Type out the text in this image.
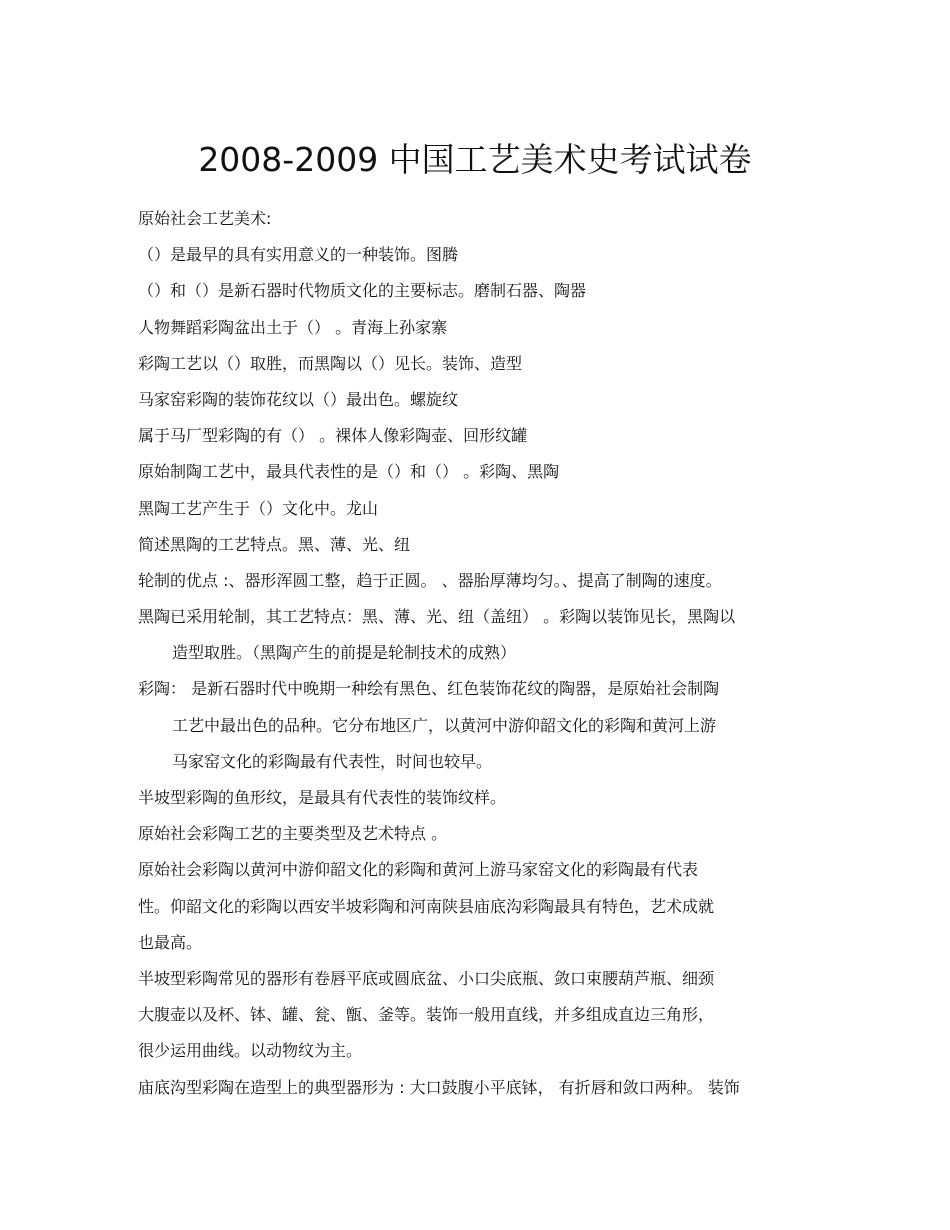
2008-2009 中国工艺美术史考试试卷
原始社会工艺美术:
（）是最早的具有实用意义的一种装饰。图腾
（）和（）是新石器时代物质文化的主要标志。磨制石器、陶器
人物舞蹈彩陶盆出土于（） 。青海上孙家寨
彩陶工艺以（）取胜，而黑陶以（）见长。装饰、造型
马家窑彩陶的装饰花纹以（）最出色。螺旋纹
属于马厂型彩陶的有（） 。裸体人像彩陶壶、回形纹罐
原始制陶工艺中，最具代表性的是（）和（） 。彩陶、黑陶
黑陶工艺产生于（）文化中。龙山
简述黑陶的工艺特点。黑、薄、光、纽
轮制的优点 :、器形浑圆工整，趋于正圆。 、器胎厚薄均匀。、提高了制陶的速度。
黑陶已采用轮制，其工艺特点：黑、薄、光、纽（盖纽） 。彩陶以装饰见长，黑陶以
造型取胜。（黑陶产生的前提是轮制技术的成熟）
彩陶： 是新石器时代中晚期一种绘有黑色、红色装饰花纹的陶器，是原始社会制陶
工艺中最出色的品种。它分布地区广，以黄河中游仰韶文化的彩陶和黄河上游
马家窑文化的彩陶最有代表性，时间也较早。
半坡型彩陶的鱼形纹，是最具有代表性的装饰纹样。
原始社会彩陶工艺的主要类型及艺术特点 。
原始社会彩陶以黄河中游仰韶文化的彩陶和黄河上游马家窑文化的彩陶最有代表
性。仰韶文化的彩陶以西安半坡彩陶和河南陕县庙底沟彩陶最具有特色，艺术成就
也最高。
半坡型彩陶常见的器形有卷唇平底或圆底盆、小口尖底瓶、敛口束腰葫芦瓶、细颈
大腹壶以及杯、钵、罐、瓮、甑、釜等。装饰一般用直线，并多组成直边三角形，
很少运用曲线。以动物纹为主。
庙底沟型彩陶在造型上的典型器形为 : 大口鼓腹小平底钵， 有折唇和敛口两种。 装饰
